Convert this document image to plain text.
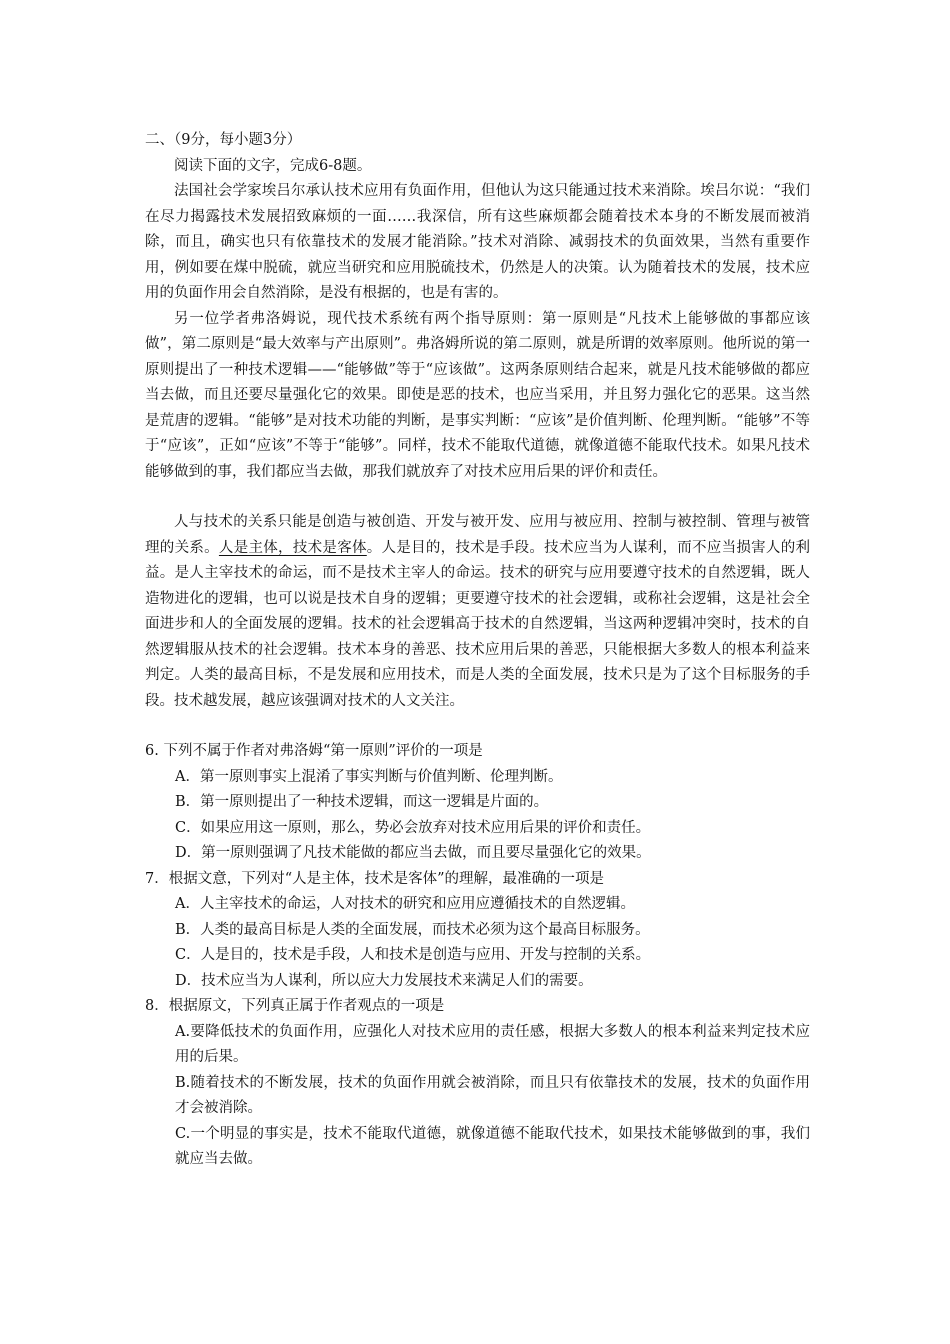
二、（9分，每小题3分）
阅读下面的文字，完成6-8题。

法国社会学家埃吕尔承认技术应用有负面作用，但他认为这只能通过技术来消除。埃吕尔说：“我们在尽力揭露技术发展招致麻烦的一面……我深信，所有这些麻烦都会随着技术本身的不断发展而被消除，而且，确实也只有依靠技术的发展才能消除。”技术对消除、减弱技术的负面效果，当然有重要作用，例如要在煤中脱硫，就应当研究和应用脱硫技术，仍然是人的决策。认为随着技术的发展，技术应用的负面作用会自然消除，是没有根据的，也是有害的。

另一位学者弗洛姆说，现代技术系统有两个指导原则：第一原则是“凡技术上能够做的事都应该做”，第二原则是“最大效率与产出原则”。弗洛姆所说的第二原则，就是所谓的效率原则。他所说的第一原则提出了一种技术逻辑——“能够做”等于“应该做”。这两条原则结合起来，就是凡技术能够做的都应当去做，而且还要尽量强化它的效果。即使是恶的技术，也应当采用，并且努力强化它的恶果。这当然是荒唐的逻辑。“能够”是对技术功能的判断，是事实判断：“应该”是价值判断、伦理判断。“能够”不等于“应该”，正如“应该”不等于“能够”。同样，技术不能取代道德，就像道德不能取代技术。如果凡技术能够做到的事，我们都应当去做，那我们就放弃了对技术应用后果的评价和责任。

人与技术的关系只能是创造与被创造、开发与被开发、应用与被应用、控制与被控制、管理与被管理的关系。人是主体，技术是客体。人是目的，技术是手段。技术应当为人谋利，而不应当损害人的利益。是人主宰技术的命运，而不是技术主宰人的命运。技术的研究与应用要遵守技术的自然逻辑，既人造物进化的逻辑，也可以说是技术自身的逻辑；更要遵守技术的社会逻辑，或称社会逻辑，这是社会全面进步和人的全面发展的逻辑。技术的社会逻辑高于技术的自然逻辑，当这两种逻辑冲突时，技术的自然逻辑服从技术的社会逻辑。技术本身的善恶、技术应用后果的善恶，只能根据大多数人的根本利益来判定。人类的最高目标，不是发展和应用技术，而是人类的全面发展，技术只是为了这个目标服务的手段。技术越发展，越应该强调对技术的人文关注。

6. 下列不属于作者对弗洛姆“第一原则”评价的一项是
A．第一原则事实上混淆了事实判断与价值判断、伦理判断。
B．第一原则提出了一种技术逻辑，而这一逻辑是片面的。
C．如果应用这一原则，那么，势必会放弃对技术应用后果的评价和责任。
D．第一原则强调了凡技术能做的都应当去做，而且要尽量强化它的效果。
7．根据文意，下列对“人是主体，技术是客体”的理解，最准确的一项是
A．人主宰技术的命运，人对技术的研究和应用应遵循技术的自然逻辑。
B．人类的最高目标是人类的全面发展，而技术必须为这个最高目标服务。
C．人是目的，技术是手段，人和技术是创造与应用、开发与控制的关系。
D．技术应当为人谋利，所以应大力发展技术来满足人们的需要。
8．根据原文，下列真正属于作者观点的一项是

A.要降低技术的负面作用，应强化人对技术应用的责任感，根据大多数人的根本利益来判定技术应用的后果。

B.随着技术的不断发展，技术的负面作用就会被消除，而且只有依靠技术的发展，技术的负面作用才会被消除。

C.一个明显的事实是，技术不能取代道德，就像道德不能取代技术，如果技术能够做到的事，我们就应当去做。
